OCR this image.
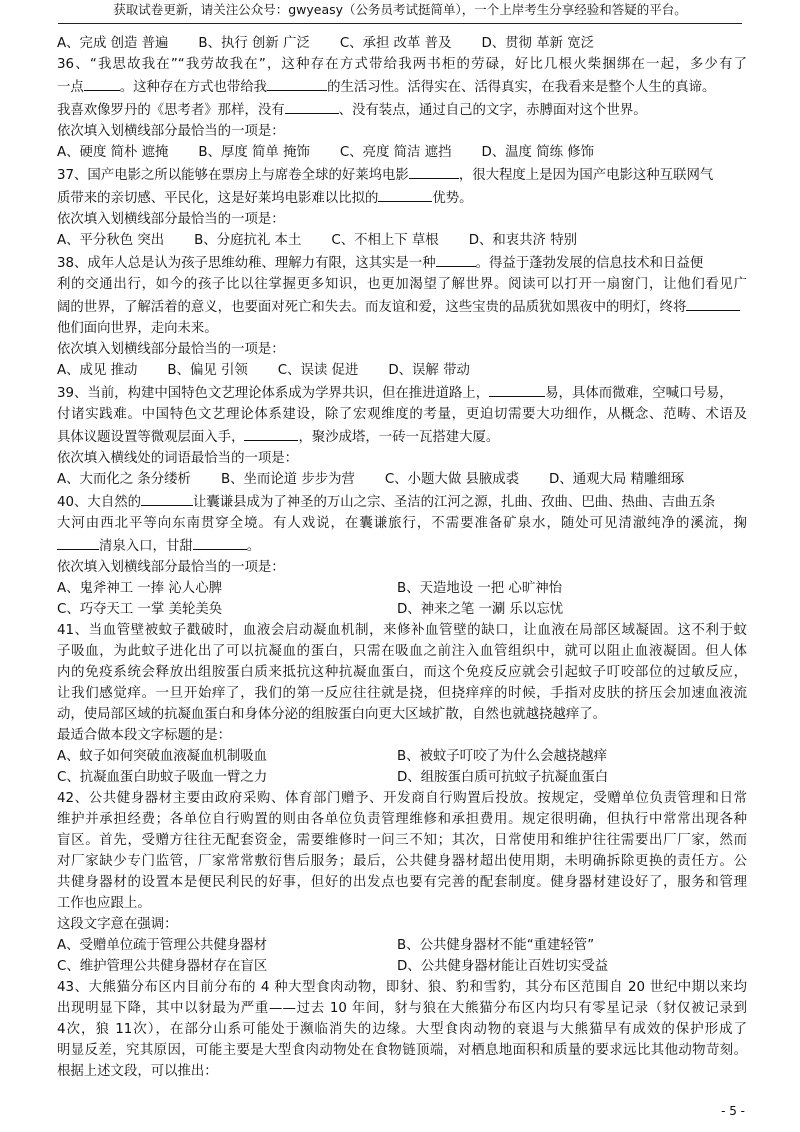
获取试卷更新，请关注公众号：gwyeasy（公务员考试挺简单），一个上岸考生分享经验和答疑的平台。
A、完成 创造 普遍 B、执行 创新 广泛 C、承担 改革 普及 D、贯彻 革新 宽泛
36、“我思故我在”“我劳故我在”，这种存在方式带给我两书柜的劳碌，好比几根火柴捆绑在一起，多少有了
一点	。这种存在方式也带给我	的生活习性。活得实在、活得真实，在我看来是整个人生的真谛。
我喜欢像罗丹的《思考者》那样，没有	、没有装点，通过自己的文字，赤膊面对这个世界。
依次填入划横线部分最恰当的一项是：
A、硬度 简朴 遮掩 B、厚度 简单 掩饰 C、亮度 简洁 遮挡 D、温度 简练 修饰
37、国产电影之所以能够在票房上与席卷全球的好莱坞电影	，很大程度上是因为国产电影这种互联网气
质带来的亲切感、平民化，这是好莱坞电影难以比拟的	优势。
依次填入划横线部分最恰当的一项是：
A、平分秋色 突出 B、分庭抗礼 本土 C、不相上下 草根 D、和衷共济 特别
38、成年人总是认为孩子思维幼稚、理解力有限，这其实是一种	。得益于蓬勃发展的信息技术和日益便
利的交通出行，如今的孩子比以往掌握更多知识，也更加渴望了解世界。阅读可以打开一扇窗门，让他们看见广
阔的世界，了解活着的意义，也要面对死亡和失去。而友谊和爱，这些宝贵的品质犹如黑夜中的明灯，终将
他们面向世界，走向未来。
依次填入划横线部分最恰当的一项是：
A、成见 推动 B、偏见 引领 C、误读 促进 D、误解 带动
39、当前，构建中国特色文艺理论体系成为学界共识，但在推进道路上，	易，具体而微难，空喊口号易，
付诸实践难。中国特色文艺理论体系建设，除了宏观维度的考量，更迫切需要大功细作，从概念、范畴、术语及
具体议题设置等微观层面入手，	，聚沙成塔，一砖一瓦搭建大厦。
依次填入横线处的词语最恰当的一项是：
A、大而化之 条分缕析 B、坐而论道 步步为营 C、小题大做 县腋成裘 D、通观大局 精雕细琢
40、大自然的	让囊谦县成为了神圣的万山之宗、圣洁的江河之源，扎曲、孜曲、巴曲、热曲、吉曲五条
大河由西北平等向东南贯穿全境。有人戏说，在囊谦旅行，不需要准备矿泉水，随处可见清澈纯净的溪流，掬
清泉入口，甘甜	。
依次填入划横线部分最恰当的一项是：
A、鬼斧神工 一捧 沁人心脾	B、天造地设 一把 心旷神怡
C、巧夺天工 一掌 美轮美奂	D、神来之笔 一涮 乐以忘忧
41、当血管壁被蚊子戳破时，血液会启动凝血机制，来修补血管壁的缺口，让血液在局部区域凝固。这不利于蚊
子吸血，为此蚊子进化出了可以抗凝血的蛋白，只需在吸血之前注入血管组织中，就可以阻止血液凝固。但人体
内的免疫系统会释放出组胺蛋白质来抵抗这种抗凝血蛋白，而这个免疫反应就会引起蚊子叮咬部位的过敏反应，
让我们感觉痒。一旦开始痒了，我们的第一反应往往就是挠，但挠痒痒的时候，手指对皮肤的挤压会加速血液流
动，使局部区域的抗凝血蛋白和身体分泌的组胺蛋白向更大区域扩散，自然也就越挠越痒了。
最适合做本段文字标题的是：
A、蚊子如何突破血液凝血机制吸血	B、被蚊子叮咬了为什么会越挠越痒
C、抗凝血蛋白助蚊子吸血一臂之力	D、组胺蛋白质可抗蚊子抗凝血蛋白
42、公共健身器材主要由政府采购、体育部门赠予、开发商自行购置后投放。按规定，受赠单位负责管理和日常
维护并承担经费；各单位自行购置的则由各单位负责管理维修和承担费用。规定很明确，但执行中常常出现各种
盲区。首先，受赠方往往无配套资金，需要维修时一问三不知；其次，日常使用和维护往往需要出厂厂家，然而
对厂家缺少专门监管，厂家常常敷衍售后服务；最后，公共健身器材超出使用期，未明确拆除更换的责任方。公
共健身器材的设置本是便民利民的好事，但好的出发点也要有完善的配套制度。健身器材建设好了，服务和管理
工作也应跟上。
这段文字意在强调：
A、受赠单位疏于管理公共健身器材	B、公共健身器材不能“重建轻管”
C、维护管理公共健身器材存在盲区	D、公共健身器材能让百姓切实受益
43、大熊猫分布区内目前分布的 4 种大型食肉动物，即豺、狼、豹和雪豹，其分布区范围自 20 世纪中期以来均
出现明显下降，其中以豺最为严重——过去 10 年间，豺与狼在大熊猫分布区内均只有零星记录（豺仅被记录到
4次，狼 11次），在部分山系可能处于濒临消失的边缘。大型食肉动物的衰退与大熊猫早有成效的保护形成了
明显反差，究其原因，可能主要是大型食肉动物处在食物链顶端，对栖息地面积和质量的要求远比其他动物苛刻。
根据上述文段，可以推出：
- 5 -
